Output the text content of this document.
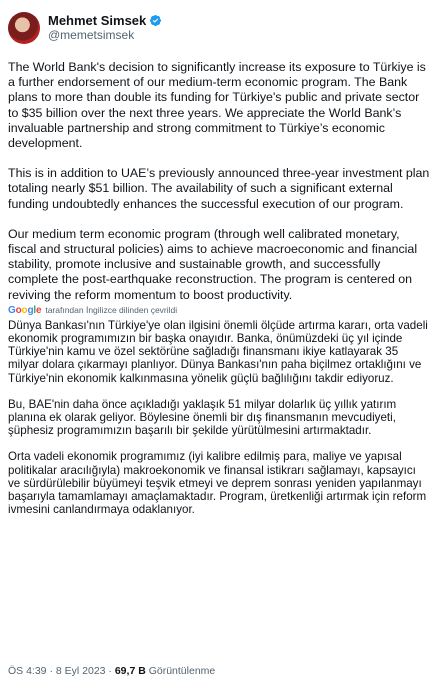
Mehmet Simsek
@memetsimsek

The World Bank's decision to significantly increase its exposure to Türkiye is a further endorsement of our medium-term economic program. The Bank plans to more than double its funding for Türkiye's public and private sector to $35 billion over the next three years. We appreciate the World Bank’s invaluable partnership and strong commitment to Türkiye’s economic development.

This is in addition to UAE’s previously announced three-year investment plan totaling nearly $51 billion. The availability of such a significant external funding undoubtedly enhances the successful execution of our program.

Our medium term economic program (through well calibrated monetary, fiscal and structural policies) aims to achieve macroeconomic and financial stability, promote inclusive and sustainable growth, and successfully complete the post-earthquake reconstruction. The program is centered on reviving the reform momentum to boost productivity.

Google tarafından İngilizce dilinden çevrildi

Dünya Bankası'nın Türkiye'ye olan ilgisini önemli ölçüde artırma kararı, orta vadeli ekonomik programımızın bir başka onayıdır. Banka, önümüzdeki üç yıl içinde Türkiye'nin kamu ve özel sektörüne sağladığı finansmanı ikiye katlayarak 35 milyar dolara çıkarmayı planlıyor. Dünya Bankası'nın paha biçilmez ortaklığını ve Türkiye'nin ekonomik kalkınmasına yönelik güçlü bağlılığını takdir ediyoruz.

Bu, BAE'nin daha önce açıkladığı yaklaşık 51 milyar dolarlık üç yıllık yatırım planına ek olarak geliyor. Böylesine önemli bir dış finansmanın mevcudiyeti, şüphesiz programımızın başarılı bir şekilde yürütülmesini artırmaktadır.

Orta vadeli ekonomik programımız (iyi kalibre edilmiş para, maliye ve yapısal politikalar aracılığıyla) makroekonomik ve finansal istikrarı sağlamayı, kapsayıcı ve sürdürülebilir büyümeyi teşvik etmeyi ve deprem sonrası yeniden yapılanmayı başarıyla tamamlamayı amaçlamaktadır. Program, üretkenliği artırmak için reform ivmesini canlandırmaya odaklanıyor.

ÖS 4:39 · 8 Eyl 2023 · 69,7 B Görüntülenme
